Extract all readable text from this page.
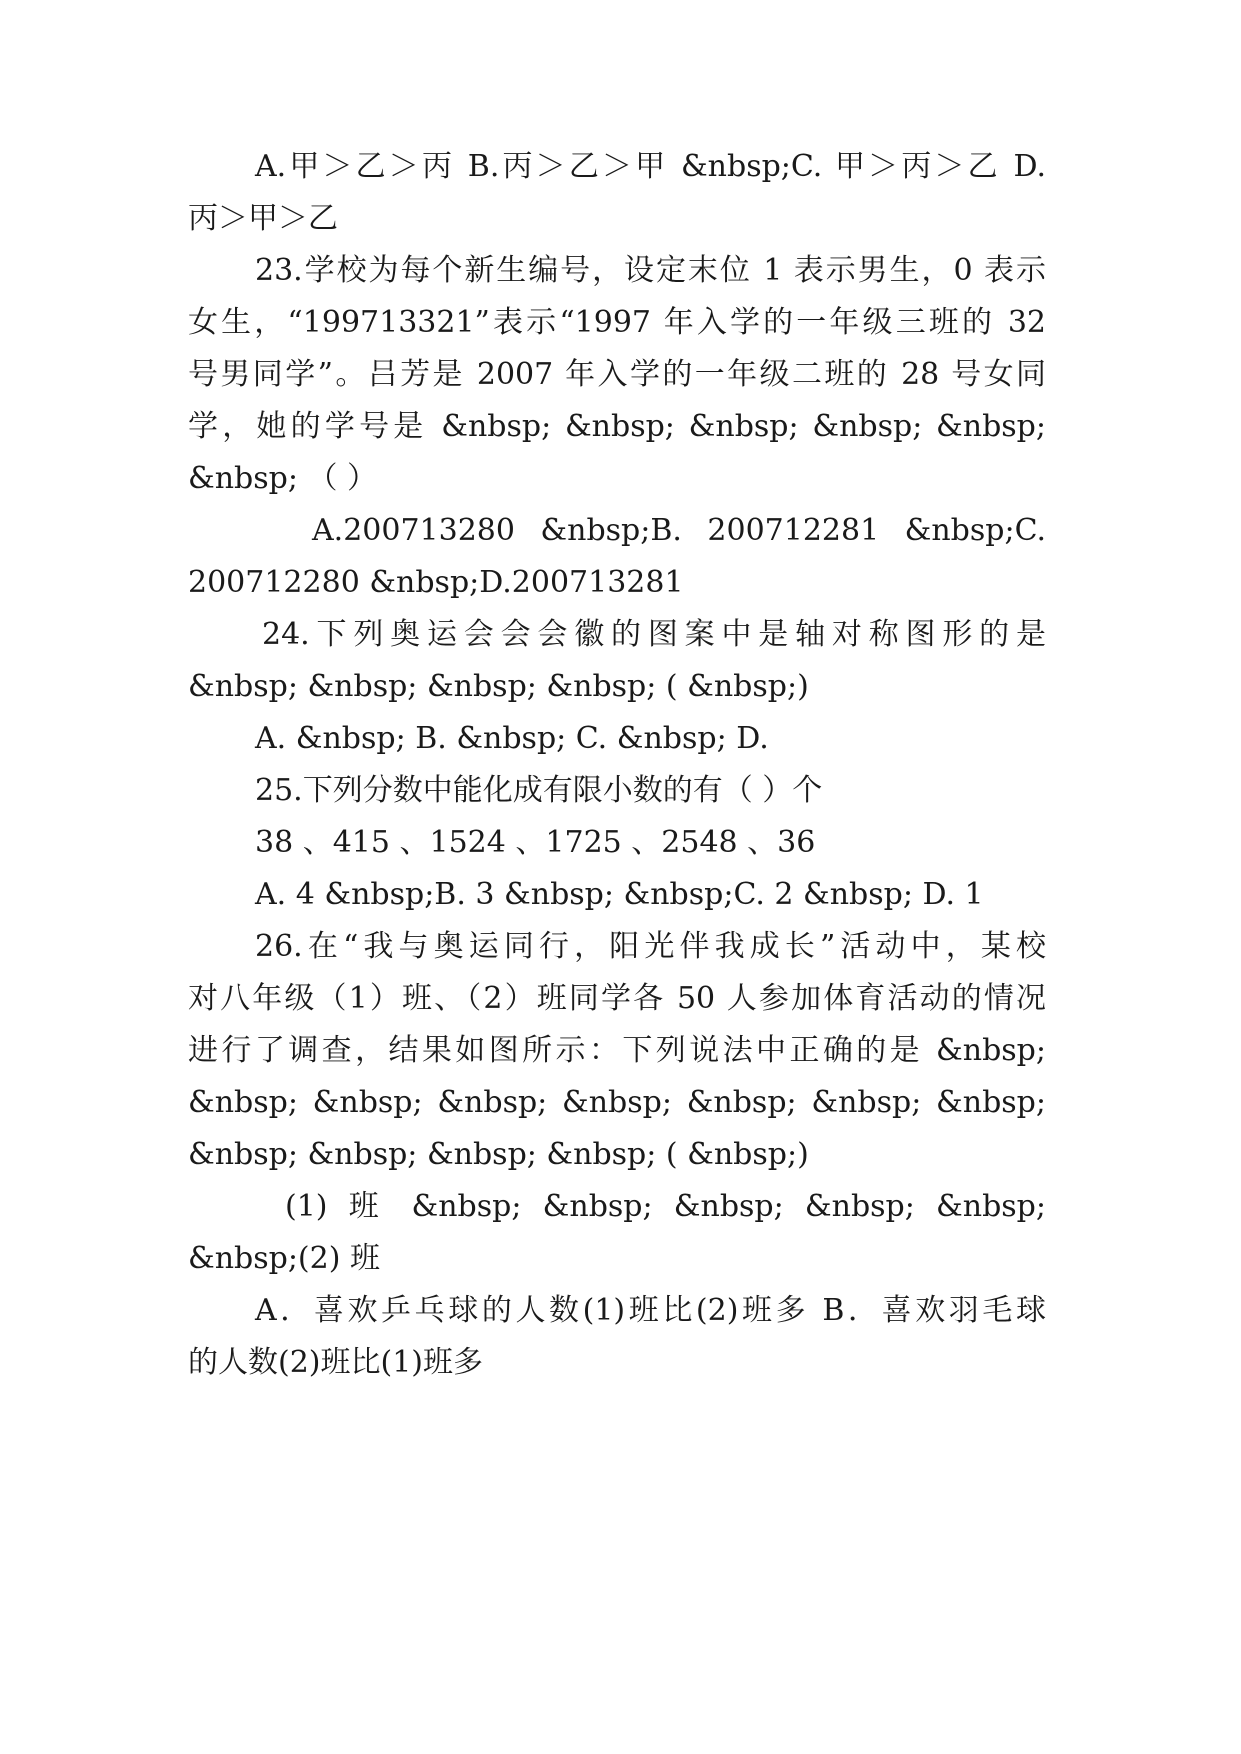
A.甲＞乙＞丙 B.丙＞乙＞甲 &nbsp;C. 甲＞丙＞乙 D.
丙＞甲＞乙
23.学校为每个新生编号，设定末位 1 表示男生，0 表示
女生，“199713321”表示“1997 年入学的一年级三班的 32
号男同学”。吕芳是 2007 年入学的一年级二班的 28 号女同
学，她的学号是 &nbsp; &nbsp; &nbsp; &nbsp; &nbsp;
&nbsp; （ ）
A.200713280 &nbsp;B. 200712281 &nbsp;C.
200712280 &nbsp;D.200713281
24.下列奥运会会会徽的图案中是轴对称图形的是
&nbsp; &nbsp; &nbsp; &nbsp; ( &nbsp;)
A. &nbsp; B. &nbsp; C. &nbsp; D.
25.下列分数中能化成有限小数的有（ ）个
38 、415 、1524 、1725 、2548 、36
A. 4 &nbsp;B. 3 &nbsp; &nbsp;C. 2 &nbsp; D. 1
26.在“我与奥运同行，阳光伴我成长”活动中，某校
对八年级（1）班、（2）班同学各 50 人参加体育活动的情况
进行了调查，结果如图所示：下列说法中正确的是 &nbsp;
&nbsp; &nbsp; &nbsp; &nbsp; &nbsp; &nbsp; &nbsp;
&nbsp; &nbsp; &nbsp; &nbsp; ( &nbsp;)
(1) 班 &nbsp; &nbsp; &nbsp; &nbsp; &nbsp;
&nbsp;(2) 班
A．喜欢乒乓球的人数(1)班比(2)班多 B．喜欢羽毛球
的人数(2)班比(1)班多
